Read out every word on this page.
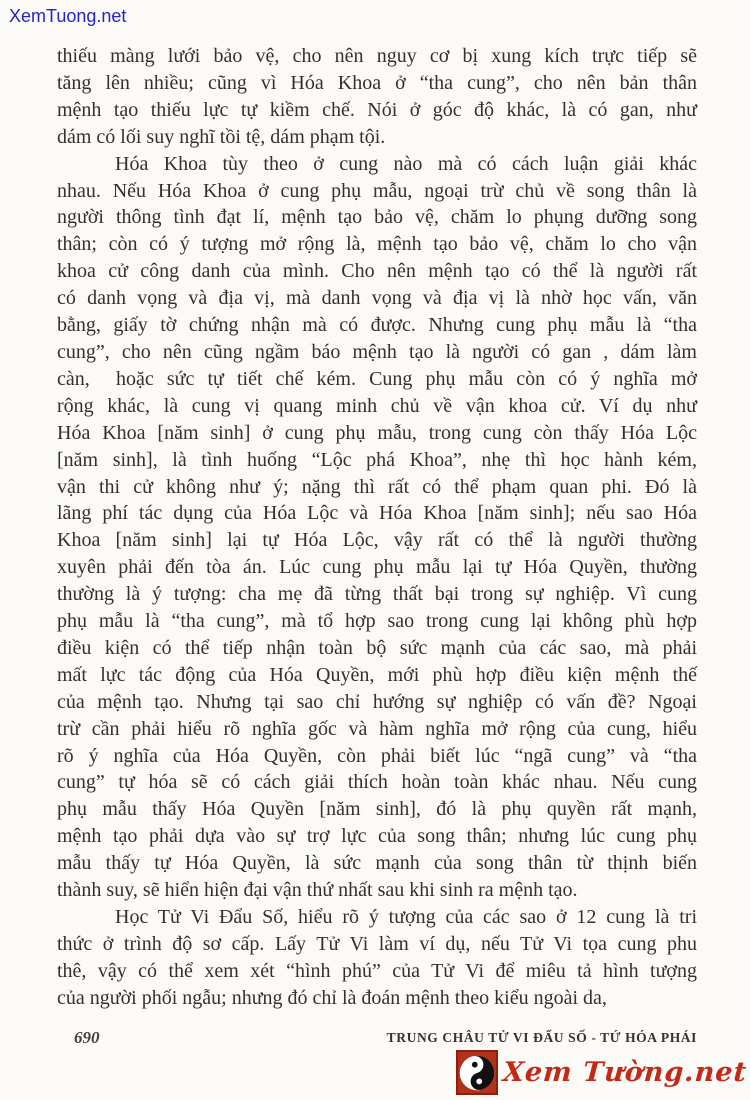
XemTuong.net
thiếu màng lưới bảo vệ, cho nên nguy cơ bị xung kích trực tiếp sẽ
tăng lên nhiều; cũng vì Hóa Khoa ở “tha cung”, cho nên bản thân
mệnh tạo thiếu lực tự kiềm chế. Nói ở góc độ khác, là có gan, như
dám có lối suy nghĩ tồi tệ, dám phạm tội.
Hóa Khoa tùy theo ở cung nào mà có cách luận giải khác
nhau. Nếu Hóa Khoa ở cung phụ mẫu, ngoại trừ chủ về song thân là
người thông tình đạt lí, mệnh tạo bảo vệ, chăm lo phụng dưỡng song
thân; còn có ý tượng mở rộng là, mệnh tạo bảo vệ, chăm lo cho vận
khoa cử công danh của mình. Cho nên mệnh tạo có thể là người rất
có danh vọng và địa vị, mà danh vọng và địa vị là nhờ học vấn, văn
bằng, giấy tờ chứng nhận mà có được. Nhưng cung phụ mẫu là “tha
cung”, cho nên cũng ngầm báo mệnh tạo là người có gan , dám làm
càn,  hoặc sức tự tiết chế kém. Cung phụ mẫu còn có ý nghĩa mở
rộng khác, là cung vị quang minh chủ về vận khoa cử. Ví dụ như
Hóa Khoa [năm sinh] ở cung phụ mẫu, trong cung còn thấy Hóa Lộc
[năm sinh], là tình huống “Lộc phá Khoa”, nhẹ thì học hành kém,
vận thi cử không như ý; nặng thì rất có thể phạm quan phi. Đó là
lãng phí tác dụng của Hóa Lộc và Hóa Khoa [năm sinh]; nếu sao Hóa
Khoa [năm sinh] lại tự Hóa Lộc, vậy rất có thể là người thường
xuyên phải đến tòa án. Lúc cung phụ mẫu lại tự Hóa Quyền, thường
thường là ý tượng: cha mẹ đã từng thất bại trong sự nghiệp. Vì cung
phụ mẫu là “tha cung”, mà tổ hợp sao trong cung lại không phù hợp
điều kiện có thể tiếp nhận toàn bộ sức mạnh của các sao, mà phải
mất lực tác động của Hóa Quyền, mới phù hợp điều kiện mệnh thế
của mệnh tạo. Nhưng tại sao chỉ hướng sự nghiệp có vấn đề? Ngoại
trừ cần phải hiểu rõ nghĩa gốc và hàm nghĩa mở rộng của cung, hiểu
rõ ý nghĩa của Hóa Quyền, còn phải biết lúc “ngã cung” và “tha
cung” tự hóa sẽ có cách giải thích hoàn toàn khác nhau. Nếu cung
phụ mẫu thấy Hóa Quyền [năm sinh], đó là phụ quyền rất mạnh,
mệnh tạo phải dựa vào sự trợ lực của song thân; nhưng lúc cung phụ
mẫu thấy tự Hóa Quyền, là sức mạnh của song thân từ thịnh biến
thành suy, sẽ hiển hiện đại vận thứ nhất sau khi sinh ra mệnh tạo.
Học Tử Vi Đẩu Số, hiểu rõ ý tượng của các sao ở 12 cung là tri
thức ở trình độ sơ cấp. Lấy Tử Vi làm ví dụ, nếu Tử Vi tọa cung phu
thê, vậy có thể xem xét “hình phú” của Tử Vi để miêu tả hình tượng
của người phối ngẫu; nhưng đó chỉ là đoán mệnh theo kiểu ngoài da,
690	TRUNG CHÂU TỬ VI ĐẨU SỐ - TỨ HÓA PHÁI
Xem Tường.net
